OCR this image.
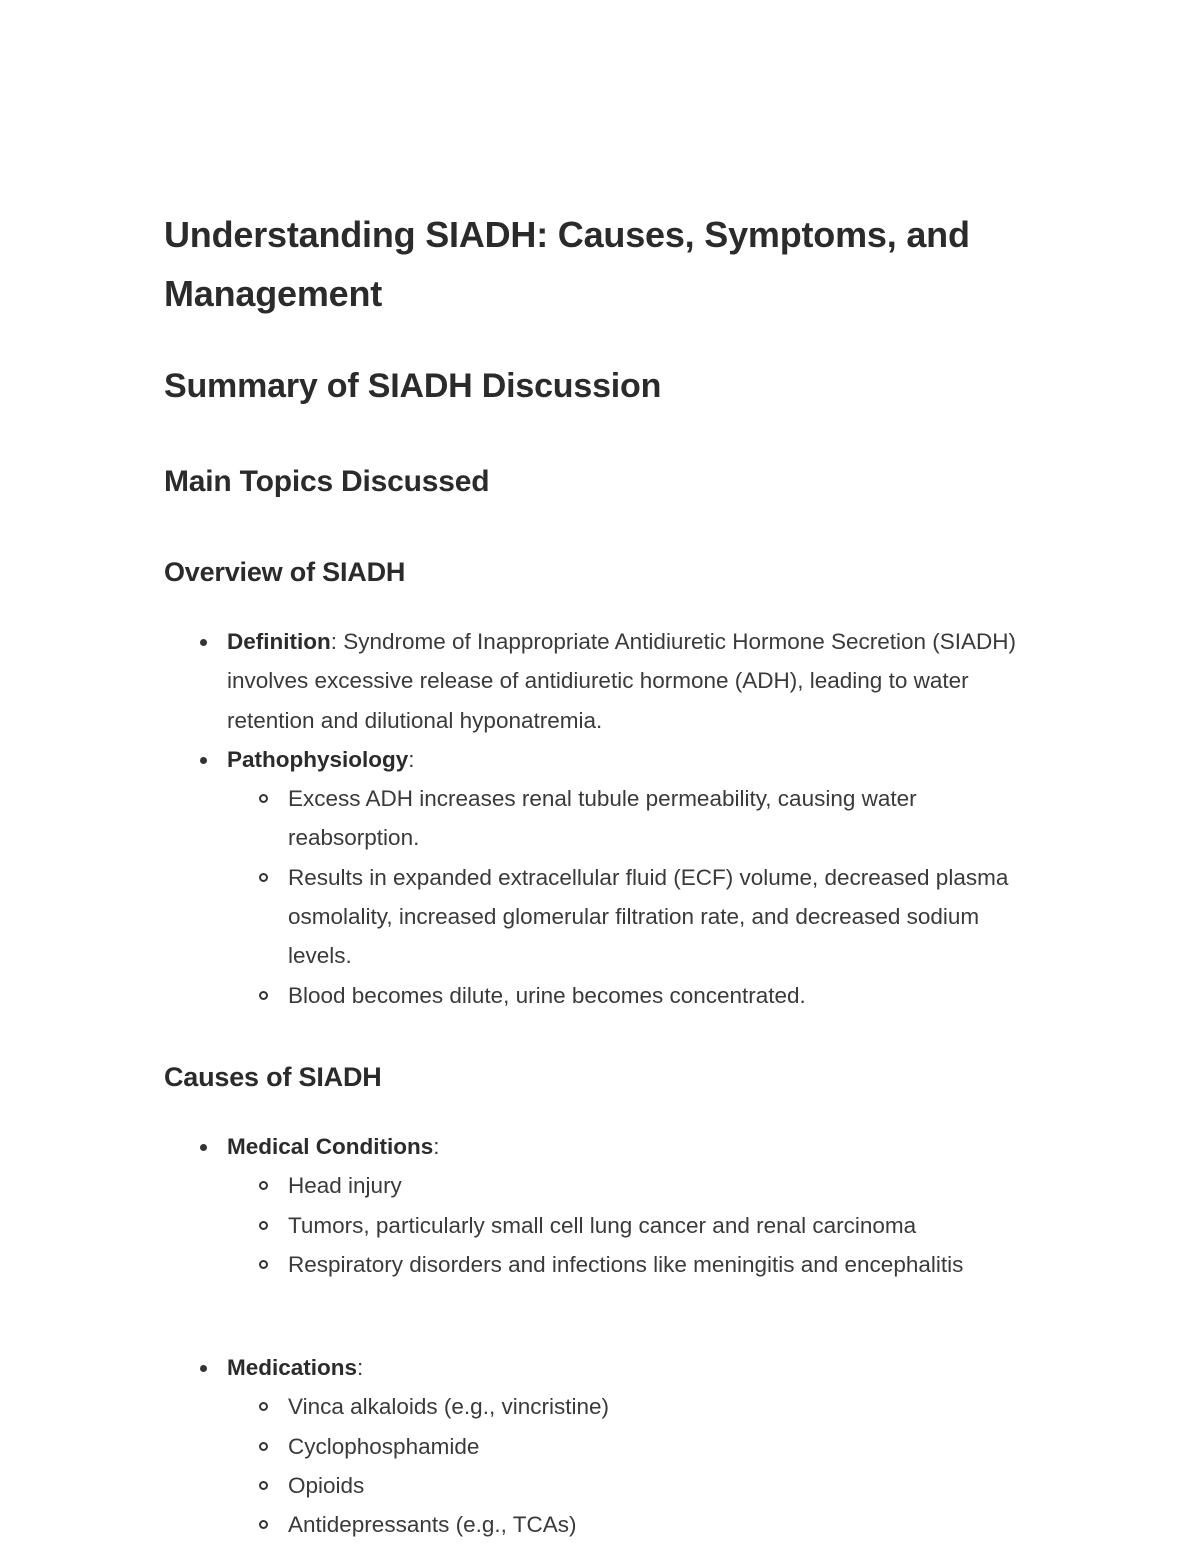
Understanding SIADH: Causes, Symptoms, and Management
Summary of SIADH Discussion
Main Topics Discussed
Overview of SIADH
Definition: Syndrome of Inappropriate Antidiuretic Hormone Secretion (SIADH) involves excessive release of antidiuretic hormone (ADH), leading to water retention and dilutional hyponatremia.
Pathophysiology:
Excess ADH increases renal tubule permeability, causing water reabsorption.
Results in expanded extracellular fluid (ECF) volume, decreased plasma osmolality, increased glomerular filtration rate, and decreased sodium levels.
Blood becomes dilute, urine becomes concentrated.
Causes of SIADH
Medical Conditions:
Head injury
Tumors, particularly small cell lung cancer and renal carcinoma
Respiratory disorders and infections like meningitis and encephalitis
Medications:
Vinca alkaloids (e.g., vincristine)
Cyclophosphamide
Opioids
Antidepressants (e.g., TCAs)
